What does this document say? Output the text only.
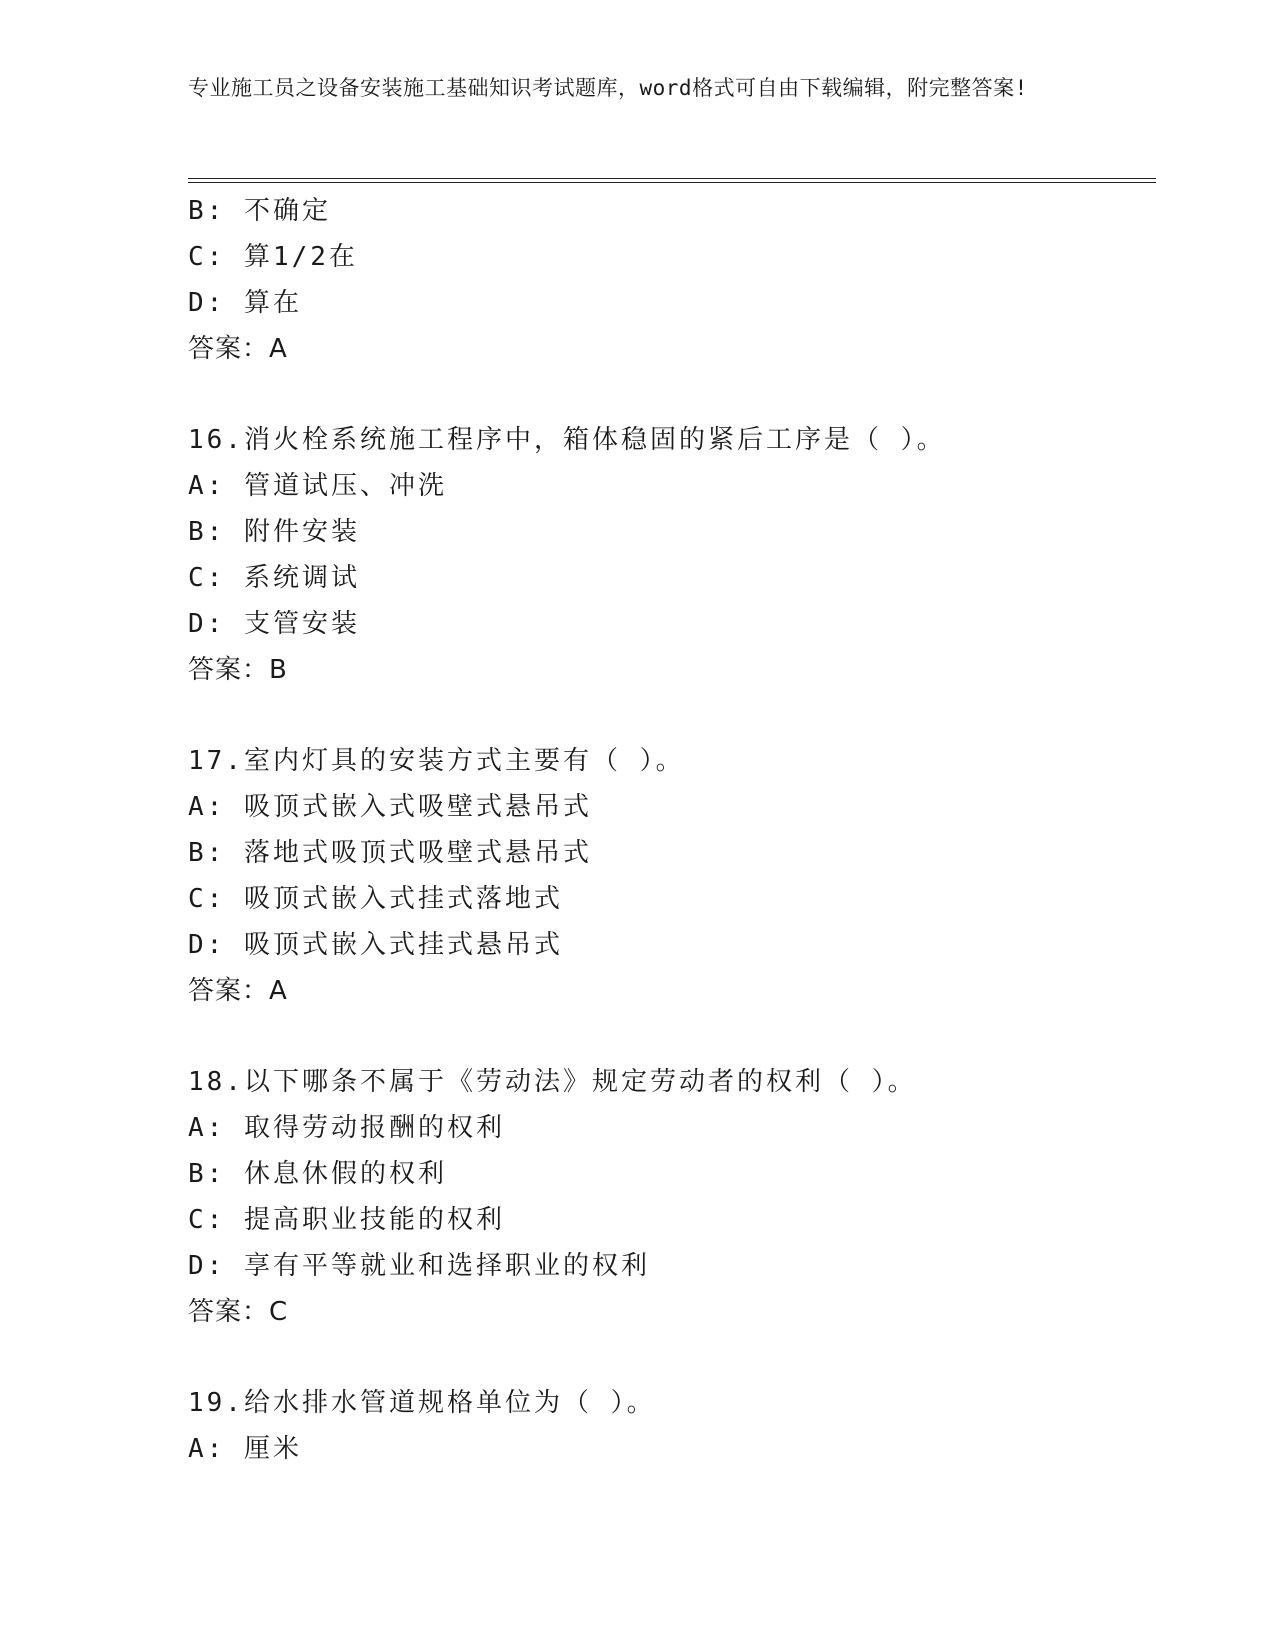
专业施工员之设备安装施工基础知识考试题库，word格式可自由下载编辑，附完整答案!
B: 不确定
C: 算1/2在
D: 算在
答案：A
16.消火栓系统施工程序中，箱体稳固的紧后工序是（ ）。
A: 管道试压、冲洗
B: 附件安装
C: 系统调试
D: 支管安装
答案：B
17.室内灯具的安装方式主要有（ ）。
A: 吸顶式嵌入式吸壁式悬吊式
B: 落地式吸顶式吸壁式悬吊式
C: 吸顶式嵌入式挂式落地式
D: 吸顶式嵌入式挂式悬吊式
答案：A
18.以下哪条不属于《劳动法》规定劳动者的权利（ ）。
A: 取得劳动报酬的权利
B: 休息休假的权利
C: 提高职业技能的权利
D: 享有平等就业和选择职业的权利
答案：C
19.给水排水管道规格单位为（ ）。
A: 厘米
